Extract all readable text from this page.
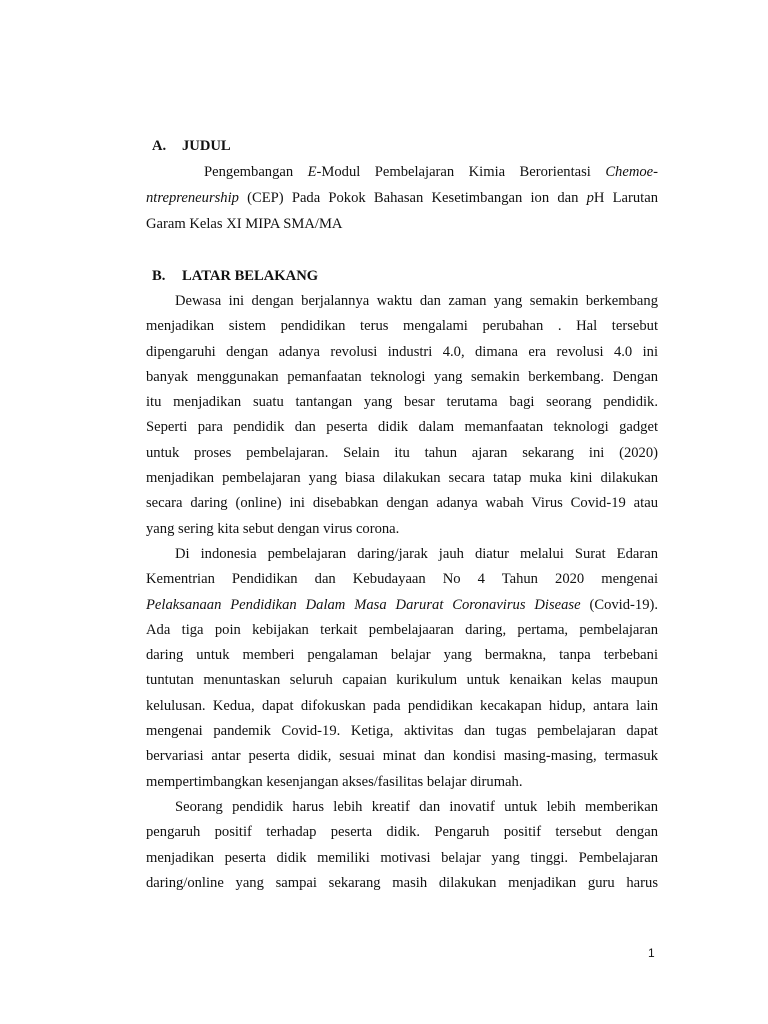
A. JUDUL
Pengembangan E-Modul Pembelajaran Kimia Berorientasi Chemoe-
ntrepreneurship (CEP) Pada Pokok Bahasan Kesetimbangan ion dan pH Larutan
Garam Kelas XI MIPA SMA/MA
B. LATAR BELAKANG
Dewasa ini dengan berjalannya waktu dan zaman yang semakin berkembang
menjadikan sistem pendidikan terus mengalami perubahan . Hal tersebut
dipengaruhi dengan adanya revolusi industri 4.0, dimana era revolusi 4.0 ini
banyak menggunakan pemanfaatan teknologi yang semakin berkembang. Dengan
itu menjadikan suatu tantangan yang besar terutama bagi seorang pendidik.
Seperti para pendidik dan peserta didik dalam memanfaatan teknologi gadget
untuk proses pembelajaran. Selain itu tahun ajaran sekarang ini (2020)
menjadikan pembelajaran yang biasa dilakukan secara tatap muka kini dilakukan
secara daring (online) ini disebabkan dengan adanya wabah Virus Covid-19 atau
yang sering kita sebut dengan virus corona.
Di indonesia pembelajaran daring/jarak jauh diatur melalui Surat Edaran
Kementrian Pendidikan dan Kebudayaan No 4 Tahun 2020 mengenai
Pelaksanaan Pendidikan Dalam Masa Darurat Coronavirus Disease (Covid-19).
Ada tiga poin kebijakan terkait pembelajaaran daring, pertama, pembelajaran
daring untuk memberi pengalaman belajar yang bermakna, tanpa terbebani
tuntutan menuntaskan seluruh capaian kurikulum untuk kenaikan kelas maupun
kelulusan. Kedua, dapat difokuskan pada pendidikan kecakapan hidup, antara lain
mengenai pandemik Covid-19. Ketiga, aktivitas dan tugas pembelajaran dapat
bervariasi antar peserta didik, sesuai minat dan kondisi masing-masing, termasuk
mempertimbangkan kesenjangan akses/fasilitas belajar dirumah.
Seorang pendidik harus lebih kreatif dan inovatif untuk lebih memberikan
pengaruh positif terhadap peserta didik. Pengaruh positif tersebut dengan
menjadikan peserta didik memiliki motivasi belajar yang tinggi. Pembelajaran
daring/online yang sampai sekarang masih dilakukan menjadikan guru harus
1
